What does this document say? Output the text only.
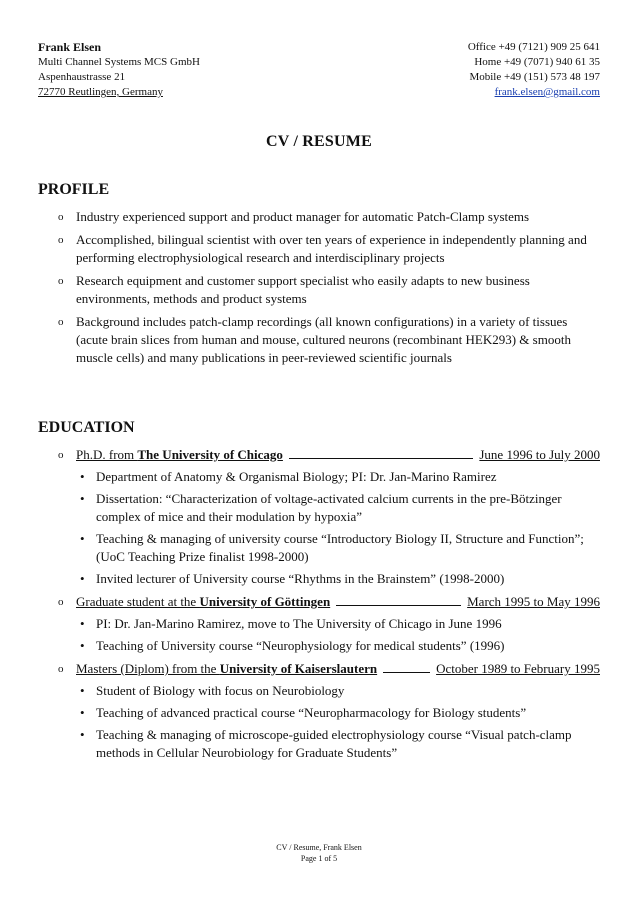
Frank Elsen
Multi Channel Systems MCS GmbH
Aspenhaustrasse 21
72770 Reutlingen, Germany
Office +49 (7121) 909 25 641
Home +49 (7071) 940 61 35
Mobile +49 (151) 573 48 197
frank.elsen@gmail.com
CV / RESUME
PROFILE
o Industry experienced support and product manager for automatic Patch-Clamp systems
o Accomplished, bilingual scientist with over ten years of experience in independently planning and performing electrophysiological research and interdisciplinary projects
o Research equipment and customer support specialist who easily adapts to new business environments, methods and product systems
o Background includes patch-clamp recordings (all known configurations) in a variety of tissues (acute brain slices from human and mouse, cultured neurons (recombinant HEK293) & smooth muscle cells) and many publications in peer-reviewed scientific journals
EDUCATION
o Ph.D. from The University of Chicago	June 1996 to July 2000
• Department of Anatomy & Organismal Biology; PI: Dr. Jan-Marino Ramirez
• Dissertation: “Characterization of voltage-activated calcium currents in the pre-Bötzinger complex of mice and their modulation by hypoxia”
• Teaching & managing of university course “Introductory Biology II, Structure and Function”; (UoC Teaching Prize finalist 1998-2000)
• Invited lecturer of University course “Rhythms in the Brainstem” (1998-2000)
o Graduate student at the University of Göttingen	March 1995 to May 1996
• PI: Dr. Jan-Marino Ramirez, move to The University of Chicago in June 1996
• Teaching of University course “Neurophysiology for medical students” (1996)
o Masters (Diplom) from the University of Kaiserslautern	October 1989 to February 1995
• Student of Biology with focus on Neurobiology
• Teaching of advanced practical course “Neuropharmacology for Biology students”
• Teaching & managing of microscope-guided electrophysiology course “Visual patch-clamp methods in Cellular Neurobiology for Graduate Students”
CV / Resume, Frank Elsen
Page 1 of 5
